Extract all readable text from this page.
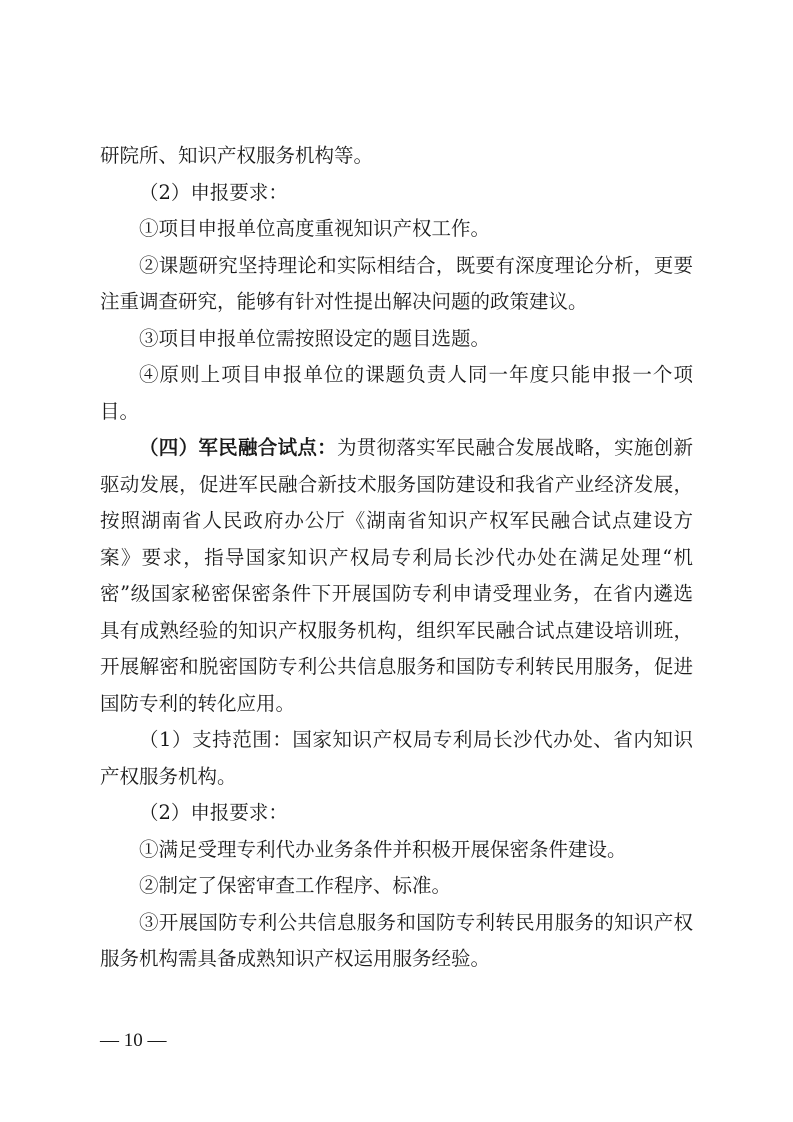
研院所、知识产权服务机构等。

（2）申报要求：

①项目申报单位高度重视知识产权工作。

②课题研究坚持理论和实际相结合，既要有深度理论分析，更要注重调查研究，能够有针对性提出解决问题的政策建议。

③项目申报单位需按照设定的题目选题。

④原则上项目申报单位的课题负责人同一年度只能申报一个项目。

（四）军民融合试点：为贯彻落实军民融合发展战略，实施创新驱动发展，促进军民融合新技术服务国防建设和我省产业经济发展，按照湖南省人民政府办公厅《湖南省知识产权军民融合试点建设方案》要求，指导国家知识产权局专利局长沙代办处在满足处理“机密”级国家秘密保密条件下开展国防专利申请受理业务，在省内遴选具有成熟经验的知识产权服务机构，组织军民融合试点建设培训班，开展解密和脱密国防专利公共信息服务和国防专利转民用服务，促进国防专利的转化应用。

（1）支持范围：国家知识产权局专利局长沙代办处、省内知识产权服务机构。

（2）申报要求：

①满足受理专利代办业务条件并积极开展保密条件建设。

②制定了保密审查工作程序、标准。

③开展国防专利公共信息服务和国防专利转民用服务的知识产权服务机构需具备成熟知识产权运用服务经验。

— 10 —
